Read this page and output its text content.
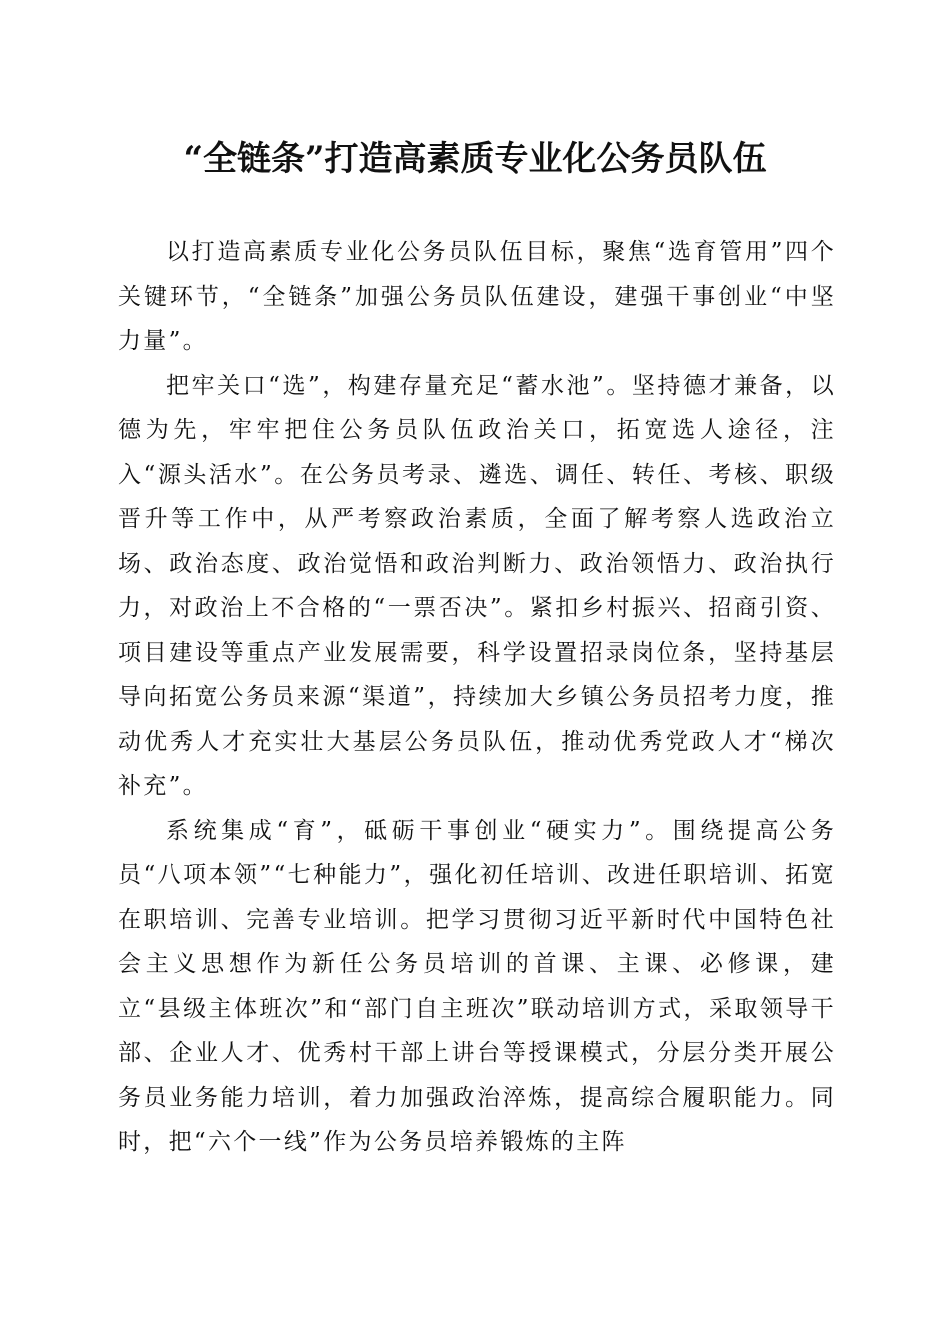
“全链条”打造高素质专业化公务员队伍

以打造高素质专业化公务员队伍目标，聚焦“选育管用”四个关键环节，“全链条”加强公务员队伍建设，建强干事创业“中坚力量”。

把牢关口“选”，构建存量充足“蓄水池”。坚持德才兼备，以德为先，牢牢把住公务员队伍政治关口，拓宽选人途径，注入“源头活水”。在公务员考录、遴选、调任、转任、考核、职级晋升等工作中，从严考察政治素质，全面了解考察人选政治立场、政治态度、政治觉悟和政治判断力、政治领悟力、政治执行力，对政治上不合格的“一票否决”。紧扣乡村振兴、招商引资、项目建设等重点产业发展需要，科学设置招录岗位条，坚持基层导向拓宽公务员来源“渠道”，持续加大乡镇公务员招考力度，推动优秀人才充实壮大基层公务员队伍，推动优秀党政人才“梯次补充”。

系统集成“育”，砥砺干事创业“硬实力”。围绕提高公务员“八项本领”“七种能力”，强化初任培训、改进任职培训、拓宽在职培训、完善专业培训。把学习贯彻习近平新时代中国特色社会主义思想作为新任公务员培训的首课、主课、必修课，建立“县级主体班次”和“部门自主班次”联动培训方式，采取领导干部、企业人才、优秀村干部上讲台等授课模式，分层分类开展公务员业务能力培训，着力加强政治淬炼，提高综合履职能力。同时，把“六个一线”作为公务员培养锻炼的主阵
